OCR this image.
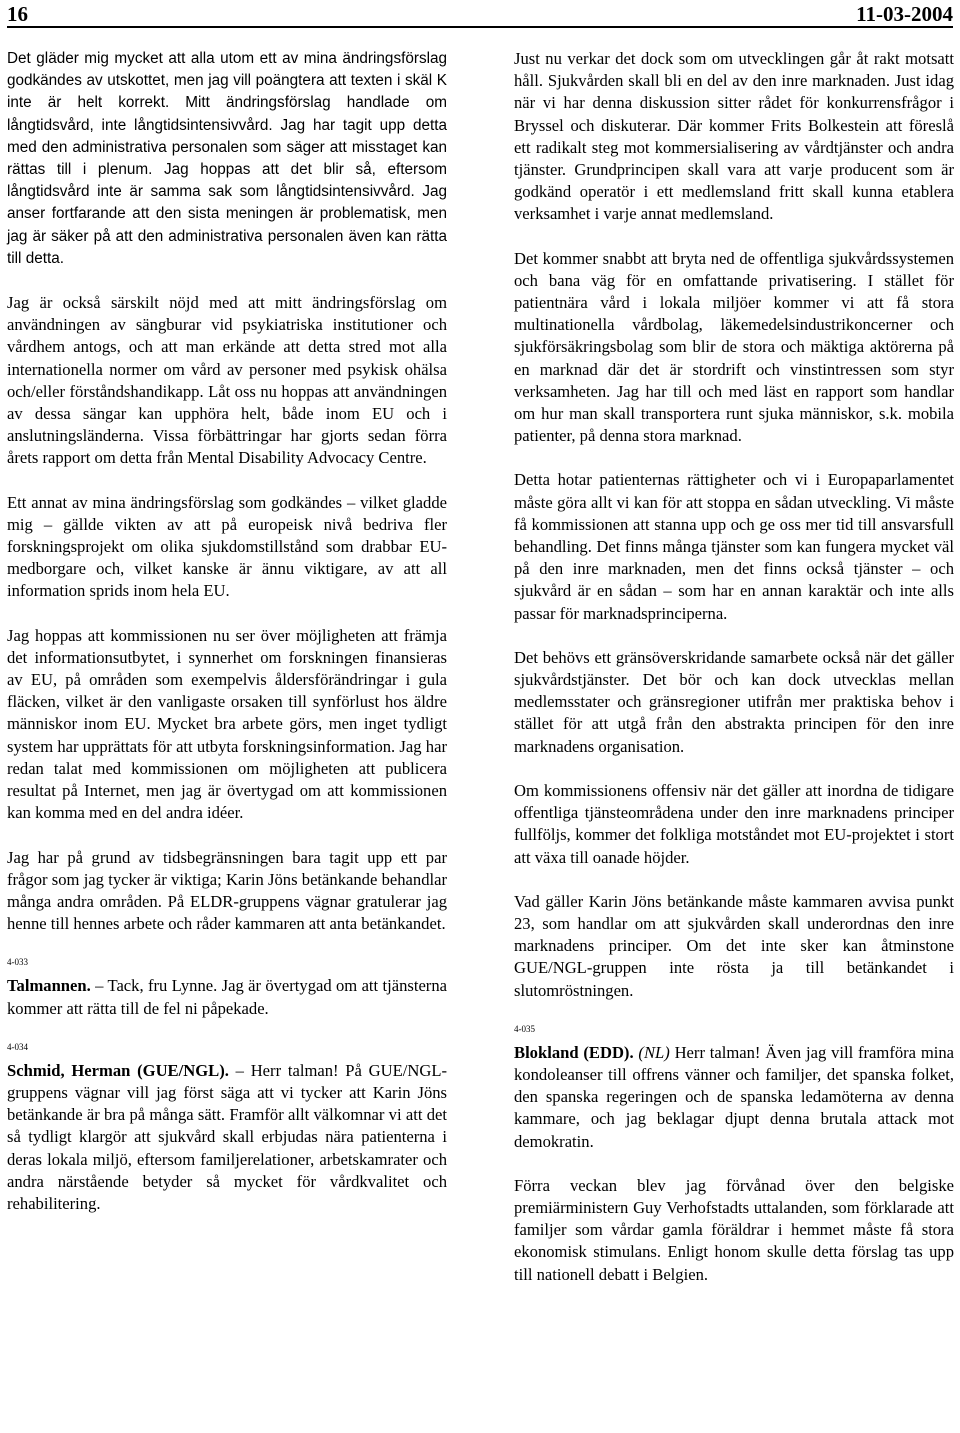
16	11-03-2004

Det gläder mig mycket att alla utom ett av mina ändringsförslag godkändes av utskottet, men jag vill poängtera att texten i skäl K inte är helt korrekt. Mitt ändringsförslag handlade om långtidsvård, inte långtidsintensivvård. Jag har tagit upp detta med den administrativa personalen som säger att misstaget kan rättas till i plenum. Jag hoppas att det blir så, eftersom långtidsvård inte är samma sak som långtidsintensivvård. Jag anser fortfarande att den sista meningen är problematisk, men jag är säker på att den administrativa personalen även kan rätta till detta.

Jag är också särskilt nöjd med att mitt ändringsförslag om användningen av sängburar vid psykiatriska institutioner och vårdhem antogs, och att man erkände att detta stred mot alla internationella normer om vård av personer med psykisk ohälsa och/eller förståndshandikapp. Låt oss nu hoppas att användningen av dessa sängar kan upphöra helt, både inom EU och i anslutningsländerna. Vissa förbättringar har gjorts sedan förra årets rapport om detta från Mental Disability Advocacy Centre.

Ett annat av mina ändringsförslag som godkändes – vilket gladde mig – gällde vikten av att på europeisk nivå bedriva fler forskningsprojekt om olika sjukdomstillstånd som drabbar EU-medborgare och, vilket kanske är ännu viktigare, av att all information sprids inom hela EU.

Jag hoppas att kommissionen nu ser över möjligheten att främja det informationsutbytet, i synnerhet om forskningen finansieras av EU, på områden som exempelvis åldersförändringar i gula fläcken, vilket är den vanligaste orsaken till synförlust hos äldre människor inom EU. Mycket bra arbete görs, men inget tydligt system har upprättats för att utbyta forskningsinformation. Jag har redan talat med kommissionen om möjligheten att publicera resultat på Internet, men jag är övertygad om att kommissionen kan komma med en del andra idéer.

Jag har på grund av tidsbegränsningen bara tagit upp ett par frågor som jag tycker är viktiga; Karin Jöns betänkande behandlar många andra områden. På ELDR-gruppens vägnar gratulerar jag henne till hennes arbete och råder kammaren att anta betänkandet.

4-033

Talmannen. – Tack, fru Lynne. Jag är övertygad om att tjänsterna kommer att rätta till de fel ni påpekade.

4-034

Schmid, Herman (GUE/NGL). – Herr talman! På GUE/NGL-gruppens vägnar vill jag först säga att vi tycker att Karin Jöns betänkande är bra på många sätt. Framför allt välkomnar vi att det så tydligt klargör att sjukvård skall erbjudas nära patienterna i deras lokala miljö, eftersom familjerelationer, arbetskamrater och andra närstående betyder så mycket för vårdkvalitet och rehabilitering.

Just nu verkar det dock som om utvecklingen går åt rakt motsatt håll. Sjukvården skall bli en del av den inre marknaden. Just idag när vi har denna diskussion sitter rådet för konkurrensfrågor i Bryssel och diskuterar. Där kommer Frits Bolkestein att föreslå ett radikalt steg mot kommersialisering av vårdtjänster och andra tjänster. Grundprincipen skall vara att varje producent som är godkänd operatör i ett medlemsland fritt skall kunna etablera verksamhet i varje annat medlemsland.

Det kommer snabbt att bryta ned de offentliga sjukvårdssystemen och bana väg för en omfattande privatisering. I stället för patientnära vård i lokala miljöer kommer vi att få stora multinationella vårdbolag, läkemedelsindustrikoncerner och sjukförsäkringsbolag som blir de stora och mäktiga aktörerna på en marknad där det är stordrift och vinstintressen som styr verksamheten. Jag har till och med läst en rapport som handlar om hur man skall transportera runt sjuka människor, s.k. mobila patienter, på denna stora marknad.

Detta hotar patienternas rättigheter och vi i Europaparlamentet måste göra allt vi kan för att stoppa en sådan utveckling. Vi måste få kommissionen att stanna upp och ge oss mer tid till ansvarsfull behandling. Det finns många tjänster som kan fungera mycket väl på den inre marknaden, men det finns också tjänster – och sjukvård är en sådan – som har en annan karaktär och inte alls passar för marknadsprinciperna.

Det behövs ett gränsöverskridande samarbete också när det gäller sjukvårdstjänster. Det bör och kan dock utvecklas mellan medlemsstater och gränsregioner utifrån mer praktiska behov i stället för att utgå från den abstrakta principen för den inre marknadens organisation.

Om kommissionens offensiv när det gäller att inordna de tidigare offentliga tjänsteområdena under den inre marknadens principer fullföljs, kommer det folkliga motståndet mot EU-projektet i stort att växa till oanade höjder.

Vad gäller Karin Jöns betänkande måste kammaren avvisa punkt 23, som handlar om att sjukvården skall underordnas den inre marknadens principer. Om det inte sker kan åtminstone GUE/NGL-gruppen inte rösta ja till betänkandet i slutomröstningen.

4-035

Blokland (EDD). (NL) Herr talman! Även jag vill framföra mina kondoleanser till offrens vänner och familjer, det spanska folket, den spanska regeringen och de spanska ledamöterna av denna kammare, och jag beklagar djupt denna brutala attack mot demokratin.

Förra veckan blev jag förvånad över den belgiske premiärministern Guy Verhofstadts uttalanden, som förklarade att familjer som vårdar gamla föräldrar i hemmet måste få stora ekonomisk stimulans. Enligt honom skulle detta förslag tas upp till nationell debatt i Belgien.
